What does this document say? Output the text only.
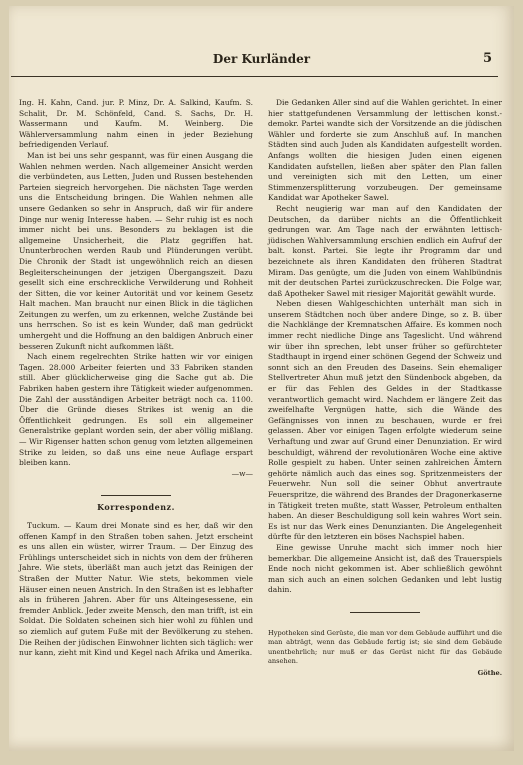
Der Kurländer	5

Ing. H. Kahn, Cand. jur. P. Minz, Dr. A. Salkind, Kaufm. S. Schalit, Dr. M. Schönfeld, Cand. S. Sachs, Dr. H. Wassermann und Kaufm. M. Weinberg. Die Wählerversammlung nahm einen in jeder Beziehung befriedigenden Verlauf.

Man ist bei uns sehr gespannt, was für einen Ausgang die Wahlen nehmen werden. Nach allgemeiner Ansicht werden die verbündeten, aus Letten, Juden und Russen bestehenden Parteien siegreich hervorgehen. Die nächsten Tage werden uns die Entscheidung bringen. Die Wahlen nehmen alle unsere Gedanken so sehr in Anspruch, daß wir für andere Dinge nur wenig Interesse haben. — Sehr ruhig ist es noch immer nicht bei uns. Besonders zu beklagen ist die allgemeine Unsicherheit, die Platz gegriffen hat. Ununterbrochen werden Raub und Plünderungen verübt. Die Chronik der Stadt ist ungewöhnlich reich an diesen Begleiterscheinungen der jetzigen Übergangszeit. Dazu gesellt sich eine erschreckliche Verwilderung und Rohheit der Sitten, die vor keiner Autorität und vor keinem Gesetz Halt machen. Man braucht nur einen Blick in die täglichen Zeitungen zu werfen, um zu erkennen, welche Zustände bei uns herrschen. So ist es kein Wunder, daß man gedrückt umhergeht und die Hoffnung an den baldigen Anbruch einer besseren Zukunft nicht aufkommen läßt.

Nach einem regelrechten Strike hatten wir vor einigen Tagen. 28.000 Arbeiter feierten und 33 Fabriken standen still. Aber glücklicherweise ging die Sache gut ab. Die Fabriken haben gestern ihre Tätigkeit wieder aufgenommen. Die Zahl der ausständigen Arbeiter beträgt noch ca. 1100. Über die Gründe dieses Strikes ist wenig an die Öffentlichkeit gedrungen. Es soll ein allgemeiner Generalstrike geplant worden sein, der aber völlig mißlang. — Wir Rigenser hatten schon genug vom letzten allgemeinen Strike zu leiden, so daß uns eine neue Auflage erspart bleiben kann.

—w—

Korrespondenz.

Tuckum. — Kaum drei Monate sind es her, daß wir den offenen Kampf in den Straßen toben sahen. Jetzt erscheint es uns allen ein wüster, wirrer Traum. — Der Einzug des Frühlings unterscheidet sich in nichts von dem der früheren Jahre. Wie stets, überläßt man auch jetzt das Reinigen der Straßen der Mutter Natur. Wie stets, bekommen viele Häuser einen neuen Anstrich. In den Straßen ist es lebhafter als in früheren Jahren. Aber für uns Alteingesessene, ein fremder Anblick. Jeder zweite Mensch, den man trifft, ist ein Soldat. Die Soldaten scheinen sich hier wohl zu fühlen und so ziemlich auf gutem Fuße mit der Bevölkerung zu stehen. Die Reihen der jüdischen Einwohner lichten sich täglich: wer nur kann, zieht mit Kind und Kegel nach Afrika und Amerika.

Die Gedanken Aller sind auf die Wahlen gerichtet. In einer hier stattgefundenen Versammlung der lettischen konst.-demokr. Partei wandte sich der Vorsitzende an die jüdischen Wähler und forderte sie zum Anschluß auf. In manchen Städten sind auch Juden als Kandidaten aufgestellt worden. Anfangs wollten die hiesigen Juden einen eigenen Kandidaten aufstellen, ließen aber später den Plan fallen und vereinigten sich mit den Letten, um einer Stimmenzersplitterung vorzubeugen. Der gemeinsame Kandidat war Apotheker Sawel.

Recht neugierig war man auf den Kandidaten der Deutschen, da darüber nichts an die Öffentlichkeit gedrungen war. Am Tage nach der erwähnten lettisch-jüdischen Wahlversammlung erschien endlich ein Aufruf der balt. konst. Partei. Sie legte ihr Programm dar und bezeichnete als ihren Kandidaten den früheren Stadtrat Miram. Das genügte, um die Juden von einem Wahlbündnis mit der deutschen Partei zurückzuschrecken. Die Folge war, daß Apotheker Sawel mit riesiger Majorität gewählt wurde.

Neben diesen Wahlgeschichten unterhält man sich in unserem Städtchen noch über andere Dinge, so z. B. über die Nachklänge der Kremnatschen Affaire. Es kommen noch immer recht niedliche Dinge ans Tageslicht. Und während wir über ihn sprechen, lebt unser früher so gefürchteter Stadthaupt in irgend einer schönen Gegend der Schweiz und sonnt sich an den Freuden des Daseins. Sein ehemaliger Stellvertreter Ahun muß jetzt den Sündenbock abgeben, da er für das Fehlen des Geldes in der Stadtkasse verantwortlich gemacht wird. Nachdem er längere Zeit das zweifelhafte Vergnügen hatte, sich die Wände des Gefängnisses von innen zu beschauen, wurde er frei gelassen. Aber vor einigen Tagen erfolgte wiederum seine Verhaftung und zwar auf Grund einer Denunziation. Er wird beschuldigt, während der revolutionären Woche eine aktive Rolle gespielt zu haben. Unter seinen zahlreichen Ämtern gehörte nämlich auch das eines sog. Spritzenmeisters der Feuerwehr. Nun soll die seiner Obhut anvertraute Feuerspritze, die während des Brandes der Dragonerkaserne in Tätigkeit treten mußte, statt Wasser, Petroleum enthalten haben. An dieser Beschuldigung soll kein wahres Wort sein. Es ist nur das Werk eines Denunzianten. Die Angelegenheit dürfte für den letzteren ein böses Nachspiel haben.

Eine gewisse Unruhe macht sich immer noch hier bemerkbar. Die allgemeine Ansicht ist, daß des Trauerspiels Ende noch nicht gekommen ist. Aber schließlich gewöhnt man sich auch an einen solchen Gedanken und lebt lustig dahin.

Hypotheken sind Gerüste, die man vor dem Gebäude aufführt und die man abträgt, wenn das Gebäude fertig ist; sie sind dem Gebäude unentbehrlich; nur muß er das Gerüst nicht für das Gebäude ansehen.

Göthe.
